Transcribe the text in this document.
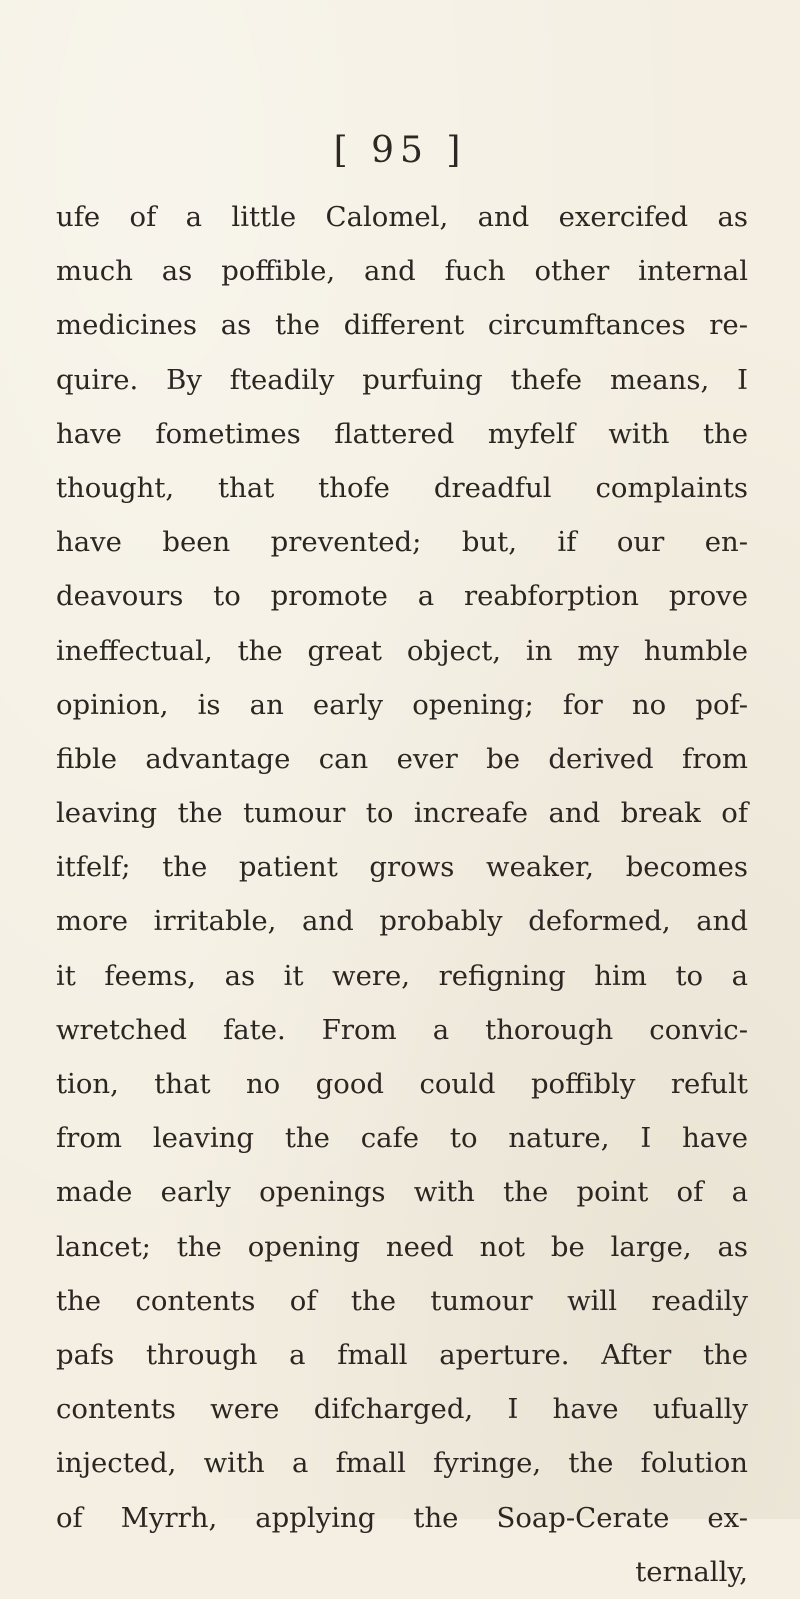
[ 95 ]
ufe of a little Calomel, and exercifed as
much as poffible, and fuch other internal
medicines as the different circumftances re-
quire. By fteadily purfuing thefe means, I
have fometimes flattered myfelf with the
thought, that thofe dreadful complaints
have been prevented; but, if our en-
deavours to promote a reabforption prove
ineffectual, the great object, in my humble
opinion, is an early opening; for no pof-
fible advantage can ever be derived from
leaving the tumour to increafe and break of
itfelf; the patient grows weaker, becomes
more irritable, and probably deformed, and
it feems, as it were, refigning him to a
wretched fate. From a thorough convic-
tion, that no good could poffibly refult
from leaving the cafe to nature, I have
made early openings with the point of a
lancet; the opening need not be large, as
the contents of the tumour will readily
pafs through a fmall aperture. After the
contents were difcharged, I have ufually
injected, with a fmall fyringe, the folution
of Myrrh, applying the Soap-Cerate ex-
ternally,
